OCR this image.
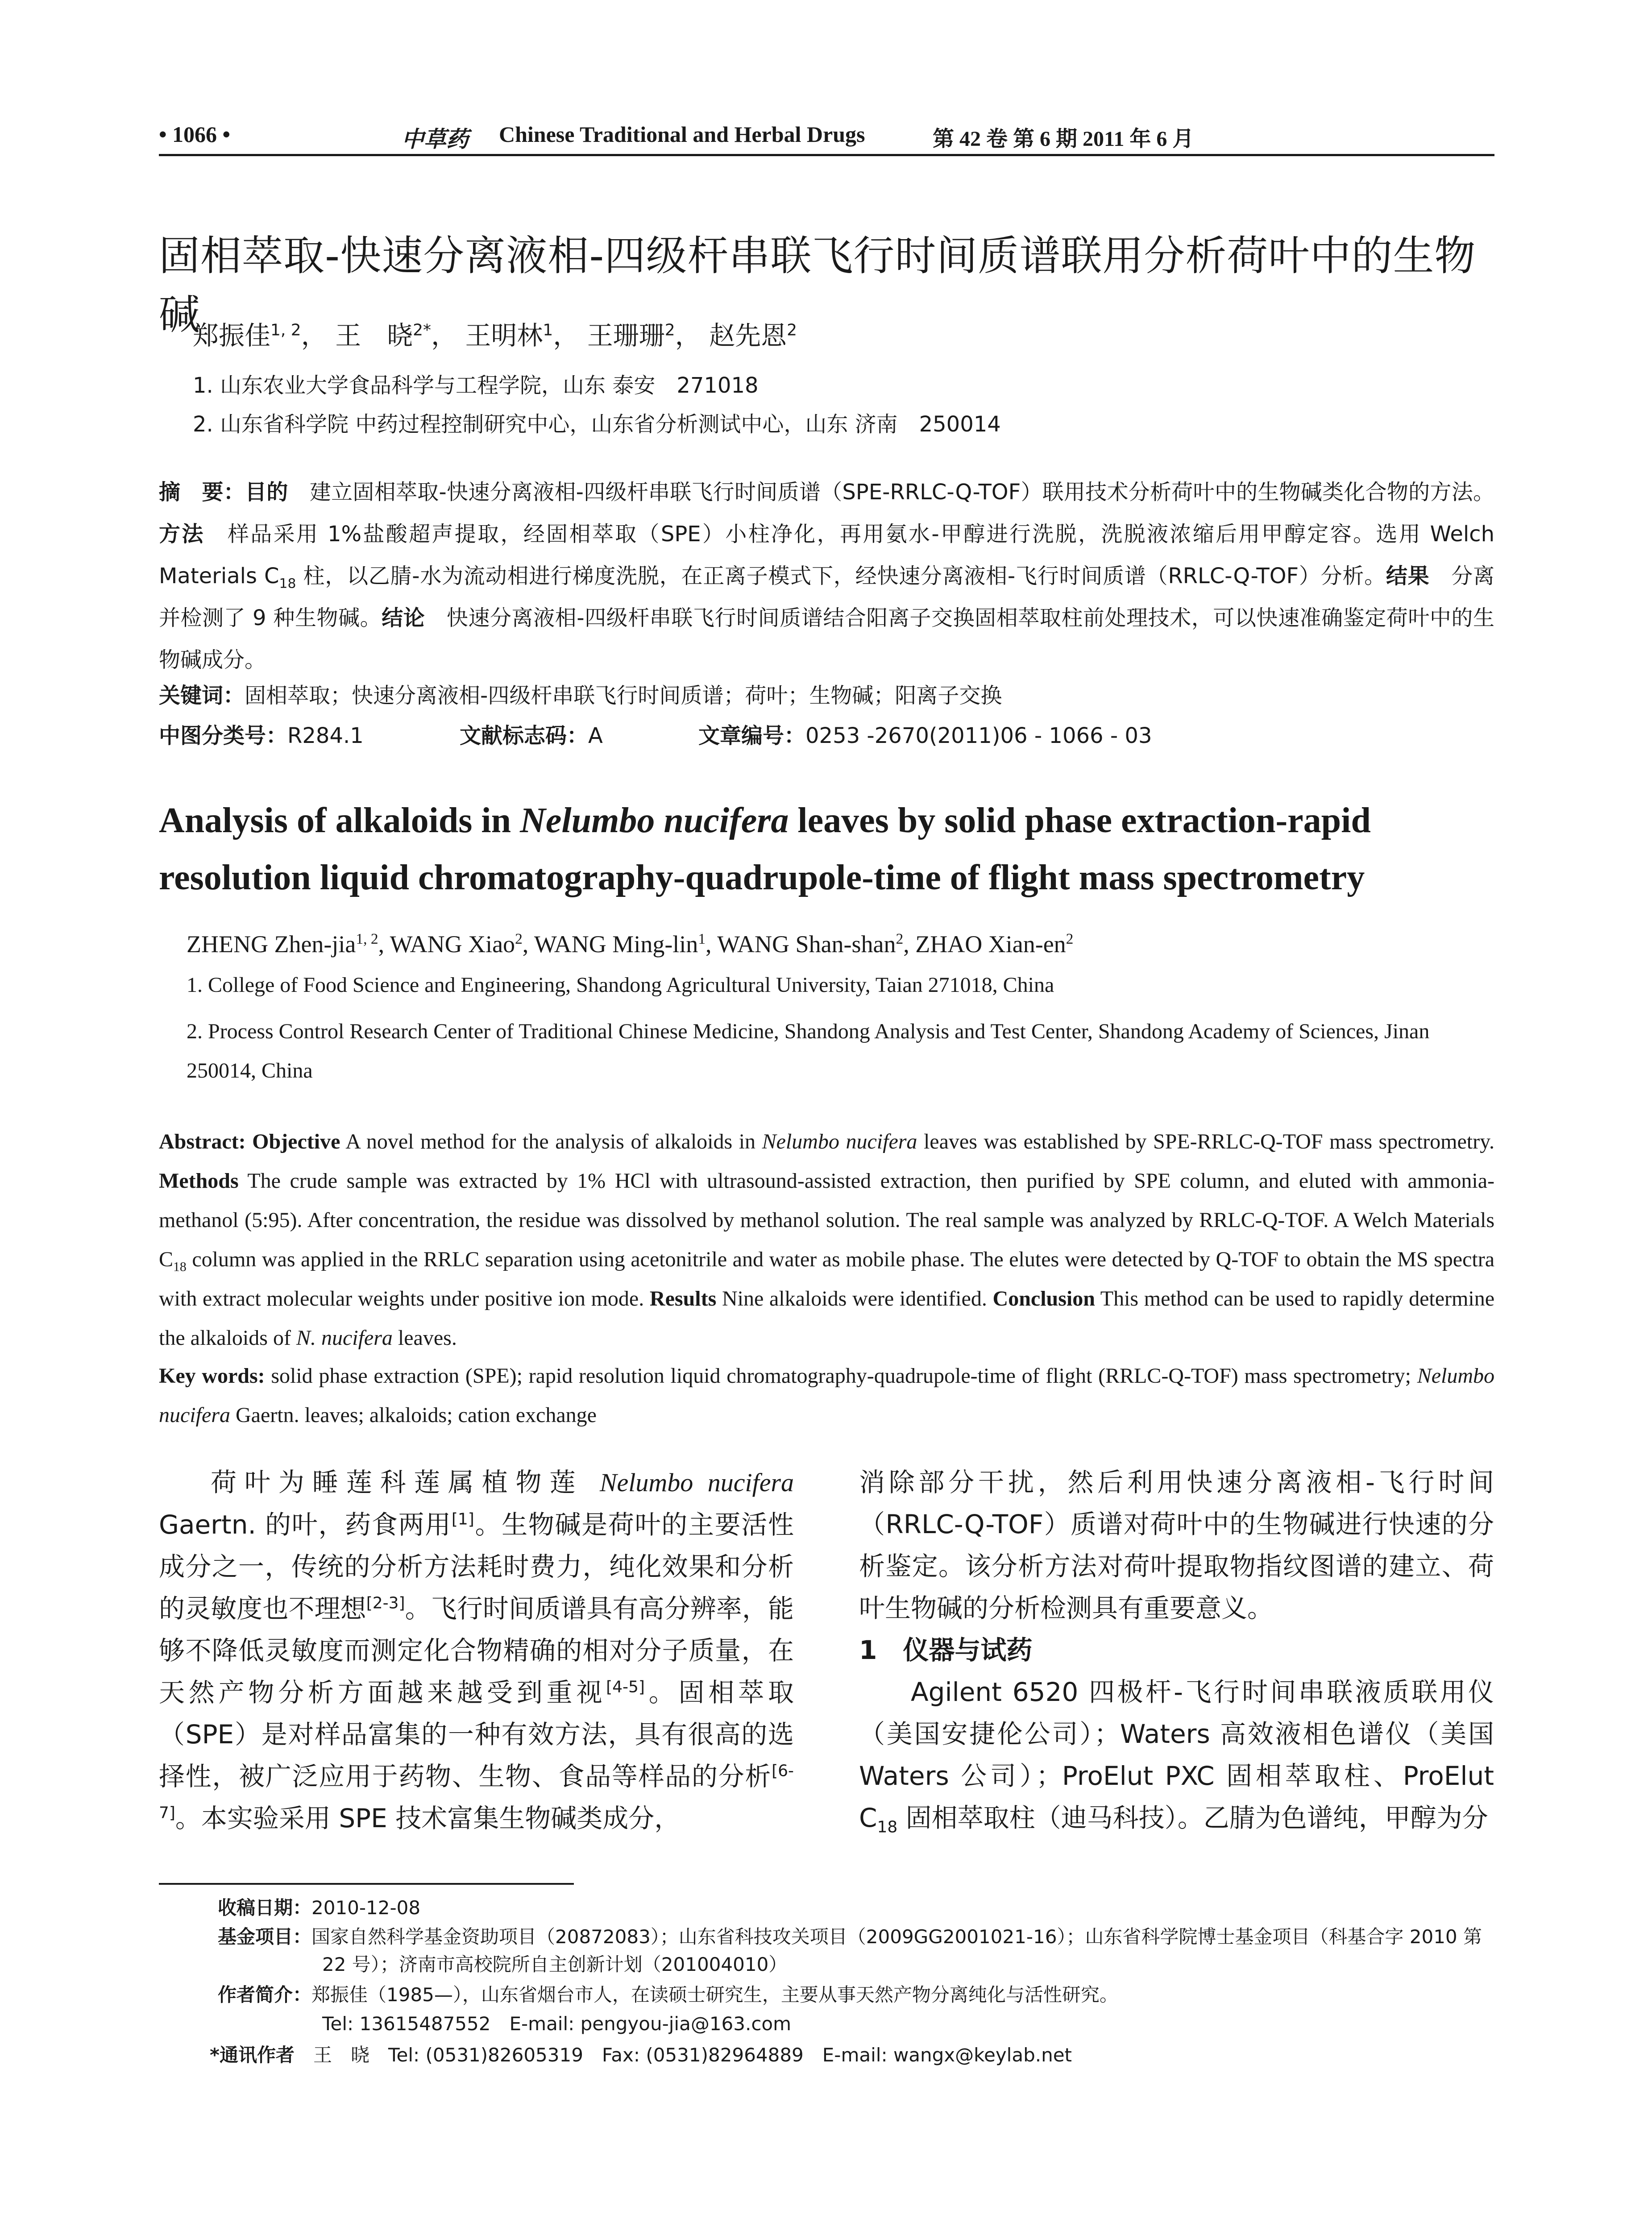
• 1066 •	中草药 Chinese Traditional and Herbal Drugs	第 42 卷 第 6 期 2011 年 6 月
固相萃取-快速分离液相-四级杆串联飞行时间质谱联用分析荷叶中的生物碱
郑振佳$^{1, 2}$， 王　晓$^{2*}$， 王明林$^1$， 王珊珊$^2$， 赵先恩$^2$
1. 山东农业大学食品科学与工程学院，山东 泰安　271018
2. 山东省科学院 中药过程控制研究中心，山东省分析测试中心，山东 济南　250014
摘　要：目的　建立固相萃取-快速分离液相-四级杆串联飞行时间质谱（SPE-RRLC-Q-TOF）联用技术分析荷叶中的生物碱类化合物的方法。方法　样品采用 1%盐酸超声提取，经固相萃取（SPE）小柱净化，再用氨水-甲醇进行洗脱，洗脱液浓缩后用甲醇定容。选用 Welch Materials $C_{18}$ 柱，以乙腈-水为流动相进行梯度洗脱，在正离子模式下，经快速分离液相-飞行时间质谱（RRLC-Q-TOF）分析。结果　分离并检测了 9 种生物碱。结论　快速分离液相-四级杆串联飞行时间质谱结合阳离子交换固相萃取柱前处理技术，可以快速准确鉴定荷叶中的生物碱成分。
关键词：固相萃取；快速分离液相-四级杆串联飞行时间质谱；荷叶；生物碱；阳离子交换
中图分类号：R284.1	文献标志码：A	文章编号：0253 -2670(2011)06 - 1066 - 03
Analysis of alkaloids in Nelumbo nucifera leaves by solid phase extraction-rapid resolution liquid chromatography-quadrupole-time of flight mass spectrometry
ZHENG Zhen-jia$^{1, 2}$, WANG Xiao$^2$, WANG Ming-lin$^1$, WANG Shan-shan$^2$, ZHAO Xian-$en^2$
1. College of Food Science and Engineering, Shandong Agricultural University, Taian 271018, China
2. Process Control Research Center of Traditional Chinese Medicine, Shandong Analysis and Test Center, Shandong Academy of Sciences, Jinan 250014, China
Abstract: Objective A novel method for the analysis of alkaloids in Nelumbo nucifera leaves was established by SPE-RRLC-Q-TOF mass spectrometry. Methods The crude sample was extracted by 1% HCl with ultrasound-assisted extraction, then purified by SPE column, and eluted with ammonia-methanol (5:95). After concentration, the residue was dissolved by methanol solution. The real sample was analyzed by RRLC-Q-TOF. A Welch Materials $C_{18}$ column was applied in the RRLC separation using acetonitrile and water as mobile phase. The elutes were detected by Q-TOF to obtain the MS spectra with extract molecular weights under positive ion mode. Results Nine alkaloids were identified. Conclusion This method can be used to rapidly determine the alkaloids of N. nucifera leaves.
Key words: solid phase extraction (SPE); rapid resolution liquid chromatography-quadrupole-time of flight (RRLC-Q-TOF) mass spectrometry; Nelumbo nucifera Gaertn. leaves; alkaloids; cation exchange

荷叶为睡莲科莲属植物莲 Nelumbo nucifera Gaertn. 的叶，药食两用[1]。生物碱是荷叶的主要活性成分之一，传统的分析方法耗时费力，纯化效果和分析的灵敏度也不理想[2-3]。飞行时间质谱具有高分辨率，能够不降低灵敏度而测定化合物精确的相对分子质量，在天然产物分析方面越来越受到重视[4-5]。固相萃取（SPE）是对样品富集的一种有效方法，具有很高的选择性，被广泛应用于药物、生物、食品等样品的分析[6-7]。本实验采用 SPE 技术富集生物碱类成分，

消除部分干扰，然后利用快速分离液相-飞行时间（RRLC-Q-TOF）质谱对荷叶中的生物碱进行快速的分析鉴定。该分析方法对荷叶提取物指纹图谱的建立、荷叶生物碱的分析检测具有重要意义。

1　仪器与试药

Agilent 6520 四极杆-飞行时间串联液质联用仪（美国安捷伦公司）；Waters 高效液相色谱仪（美国 Waters 公司）；ProElut PXC 固相萃取柱、ProElut $C_{18}$ 固相萃取柱（迪马科技）。乙腈为色谱纯，甲醇为分

收稿日期：2010-12-08
基金项目：国家自然科学基金资助项目（20872083）；山东省科技攻关项目（2009GG2001021-16）；山东省科学院博士基金项目（科基合字 2010 第 22 号）；济南市高校院所自主创新计划（201004010）
作者简介：郑振佳（1985—），山东省烟台市人，在读硕士研究生，主要从事天然产物分离纯化与活性研究。
Tel: 13615487552　E-mail: pengyou-jia@163.com
*通讯作者　王　晓　Tel: (0531)82605319　Fax: (0531)82964889　E-mail: wangx@keylab.net
